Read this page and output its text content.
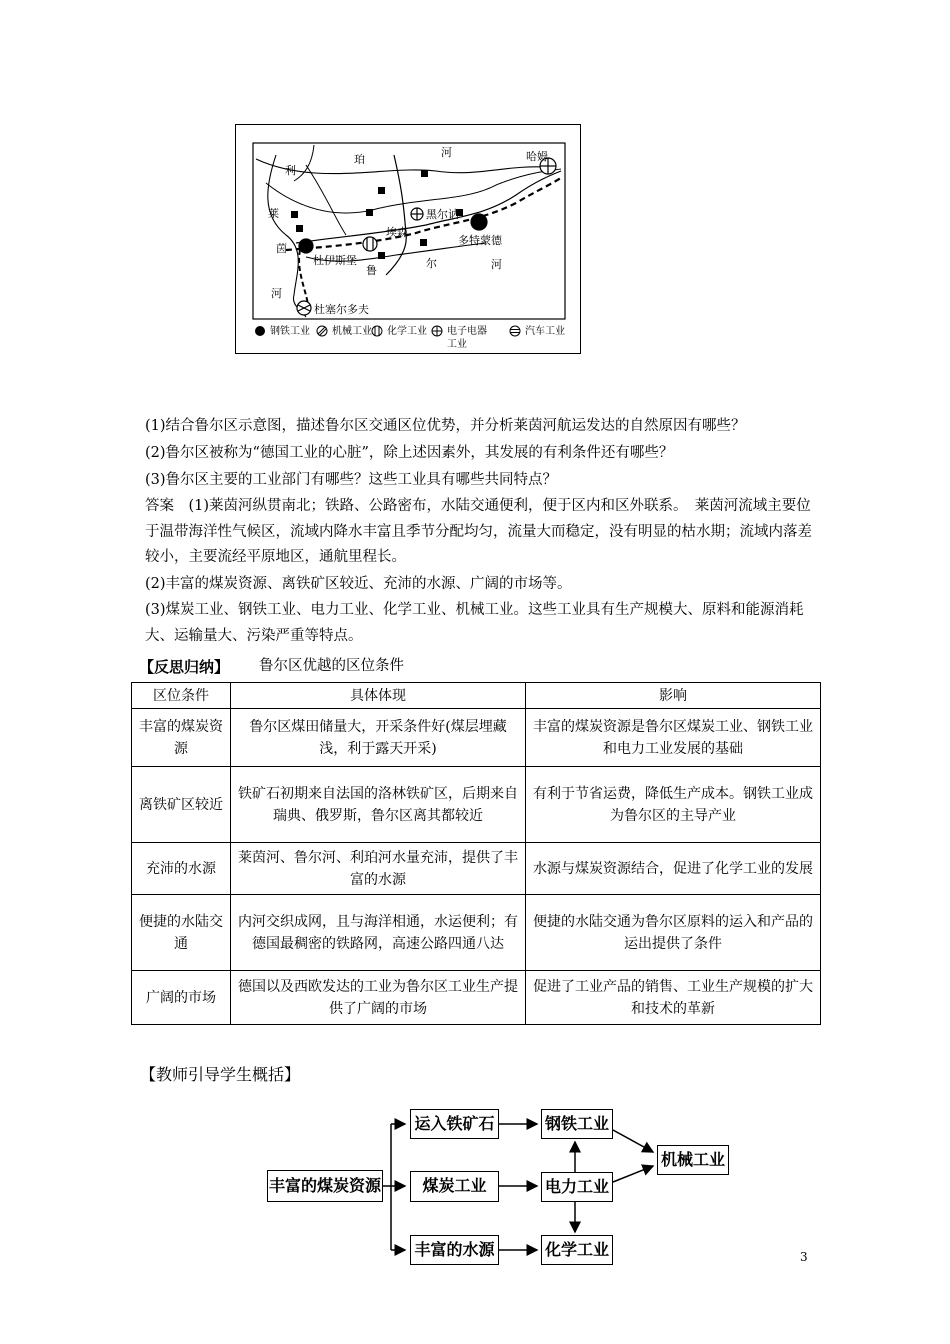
利
珀
河
莱
茵
河
鲁
尔	河
哈姆
黑尔讷
埃森
多特蒙德
杜伊斯堡
杜塞尔多夫
钢铁工业 机械工业 化学工业 电子电器工业
汽车工业
(1)结合鲁尔区示意图，描述鲁尔区交通区位优势，并分析莱茵河航运发达的自然原因有哪些？
(2)鲁尔区被称为“德国工业的心脏”，除上述因素外，其发展的有利条件还有哪些？
(3)鲁尔区主要的工业部门有哪些？这些工业具有哪些共同特点？
答案　(1)莱茵河纵贯南北；铁路、公路密布，水陆交通便利，便于区内和区外联系。　莱茵河流域主要位于温带海洋性气候区，流域内降水丰富且季节分配均匀，流量大而稳定，没有明显的枯水期；流域内落差较小，主要流经平原地区，通航里程长。
(2)丰富的煤炭资源、离铁矿区较近、充沛的水源、广阔的市场等。
(3)煤炭工业、钢铁工业、电力工业、化学工业、机械工业。这些工业具有生产规模大、原料和能源消耗大、运输量大、污染严重等特点。
【反思归纳】 鲁尔区优越的区位条件
区位条件	具体体现	影响
丰富的煤炭资源	鲁尔区煤田储量大，开采条件好(煤层埋藏浅，利于露天开采)	丰富的煤炭资源是鲁尔区煤炭工业、钢铁工业和电力工业发展的基础
离铁矿区较近	铁矿石初期来自法国的洛林铁矿区，后期来自瑞典、俄罗斯，鲁尔区离其都较近	有利于节省运费，降低生产成本。钢铁工业成为鲁尔区的主导产业
充沛的水源	莱茵河、鲁尔河、利珀河水量充沛，提供了丰富的水源	水源与煤炭资源结合，促进了化学工业的发展
便捷的水陆交通	内河交织成网，且与海洋相通，水运便利；有德国最稠密的铁路网，高速公路四通八达	便捷的水陆交通为鲁尔区原料的运入和产品的运出提供了条件
广阔的市场	德国以及西欧发达的工业为鲁尔区工业生产提供了广阔的市场	促进了工业产品的销售、工业生产规模的扩大和技术的革新
【教师引导学生概括】
丰富的煤炭资源
运入铁矿石
煤炭工业
丰富的水源
钢铁工业
电力工业
化学工业
机械工业
3
